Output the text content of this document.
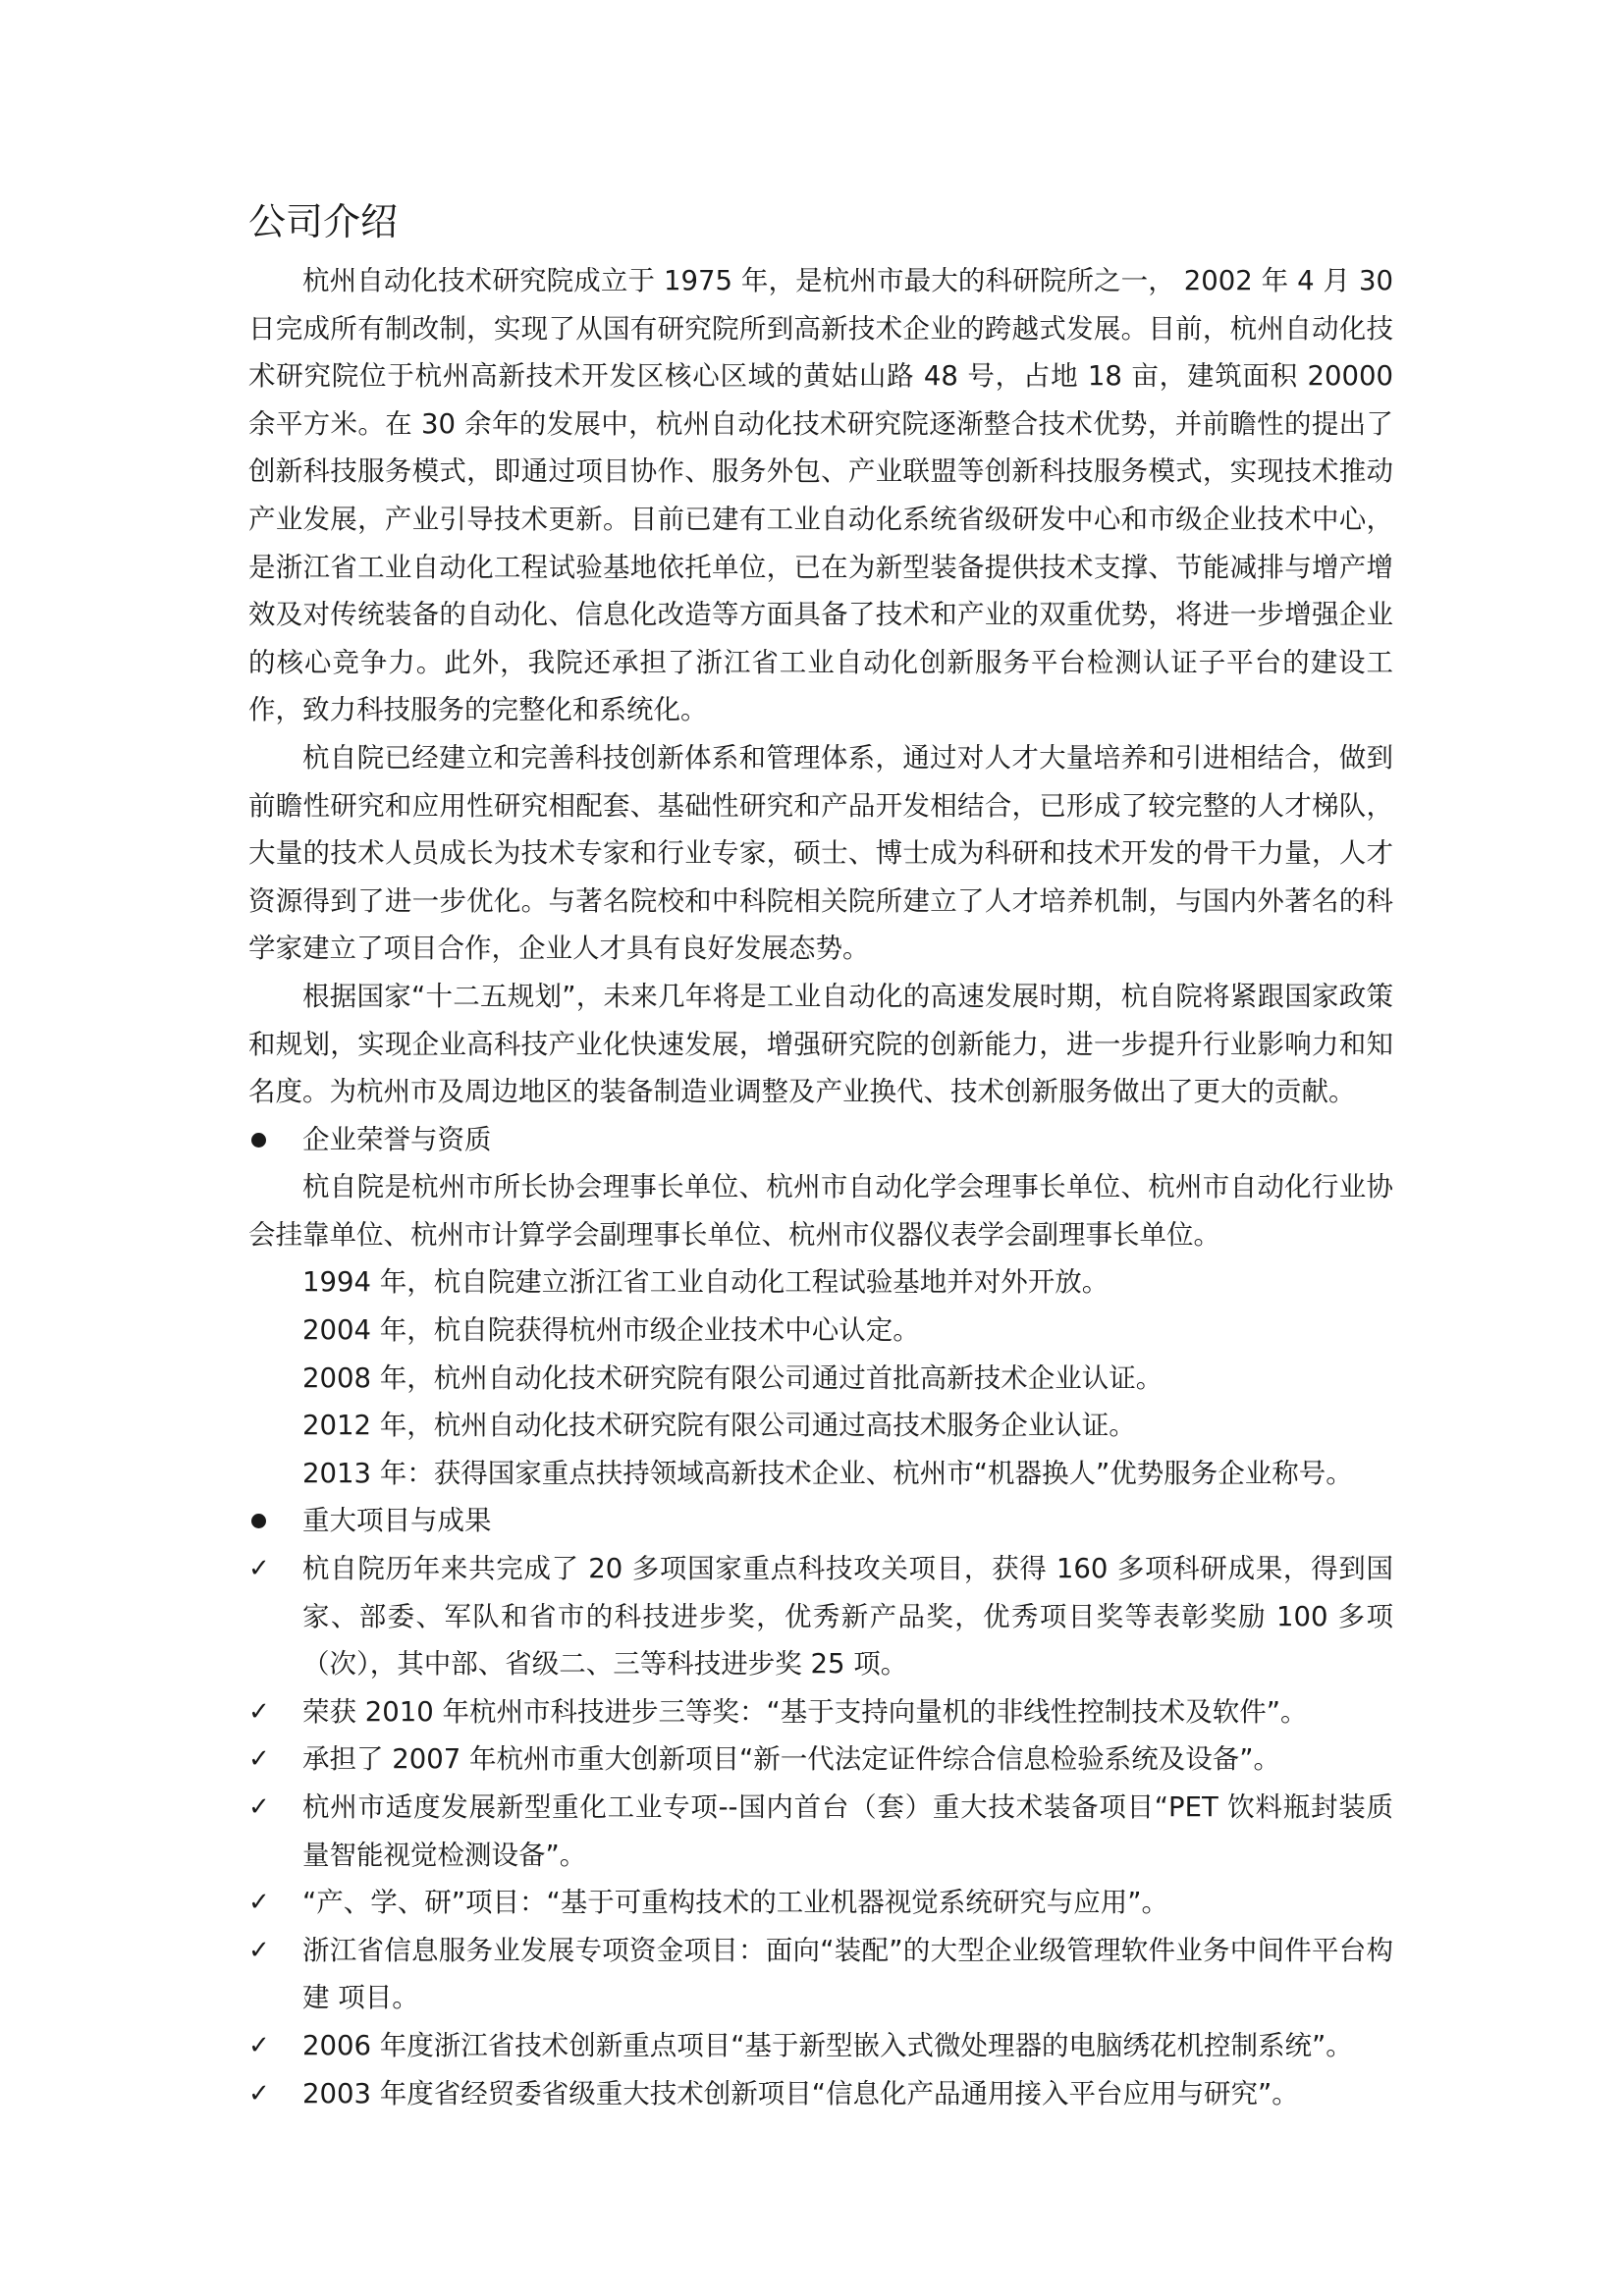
公司介绍

杭州自动化技术研究院成立于 1975 年，是杭州市最大的科研院所之一， 2002 年 4 月 30 日完成所有制改制，实现了从国有研究院所到高新技术企业的跨越式发展。目前，杭州自动化技术研究院位于杭州高新技术开发区核心区域的黄姑山路 48 号，占地 18 亩，建筑面积 20000 余平方米。在 30 余年的发展中，杭州自动化技术研究院逐渐整合技术优势，并前瞻性的提出了创新科技服务模式，即通过项目协作、服务外包、产业联盟等创新科技服务模式，实现技术推动产业发展，产业引导技术更新。目前已建有工业自动化系统省级研发中心和市级企业技术中心，是浙江省工业自动化工程试验基地依托单位，已在为新型装备提供技术支撑、节能减排与增产增效及对传统装备的自动化、信息化改造等方面具备了技术和产业的双重优势，将进一步增强企业的核心竞争力。此外，我院还承担了浙江省工业自动化创新服务平台检测认证子平台的建设工作，致力科技服务的完整化和系统化。

杭自院已经建立和完善科技创新体系和管理体系，通过对人才大量培养和引进相结合，做到前瞻性研究和应用性研究相配套、基础性研究和产品开发相结合，已形成了较完整的人才梯队，大量的技术人员成长为技术专家和行业专家，硕士、博士成为科研和技术开发的骨干力量，人才资源得到了进一步优化。与著名院校和中科院相关院所建立了人才培养机制，与国内外著名的科学家建立了项目合作，企业人才具有良好发展态势。

根据国家“十二五规划”，未来几年将是工业自动化的高速发展时期，杭自院将紧跟国家政策和规划，实现企业高科技产业化快速发展，增强研究院的创新能力，进一步提升行业影响力和知名度。为杭州市及周边地区的装备制造业调整及产业换代、技术创新服务做出了更大的贡献。

企业荣誉与资质

杭自院是杭州市所长协会理事长单位、杭州市自动化学会理事长单位、杭州市自动化行业协会挂靠单位、杭州市计算学会副理事长单位、杭州市仪器仪表学会副理事长单位。

1994 年，杭自院建立浙江省工业自动化工程试验基地并对外开放。

2004 年，杭自院获得杭州市级企业技术中心认定。

2008 年，杭州自动化技术研究院有限公司通过首批高新技术企业认证。

2012 年，杭州自动化技术研究院有限公司通过高技术服务企业认证。

2013 年：获得国家重点扶持领域高新技术企业、杭州市“机器换人”优势服务企业称号。

重大项目与成果
✓ 杭自院历年来共完成了 20 多项国家重点科技攻关项目，获得 160 多项科研成果，得到国家、部委、军队和省市的科技进步奖，优秀新产品奖，优秀项目奖等表彰奖励 100 多项（次），其中部、省级二、三等科技进步奖 25 项。
✓ 荣获 2010 年杭州市科技进步三等奖：“基于支持向量机的非线性控制技术及软件”。
✓ 承担了 2007 年杭州市重大创新项目“新一代法定证件综合信息检验系统及设备”。
✓ 杭州市适度发展新型重化工业专项--国内首台（套）重大技术装备项目“PET 饮料瓶封装质量智能视觉检测设备”。
✓ “产、学、研”项目：“基于可重构技术的工业机器视觉系统研究与应用”。
✓ 浙江省信息服务业发展专项资金项目：面向“装配”的大型企业级管理软件业务中间件平台构建 项目。
✓ 2006 年度浙江省技术创新重点项目“基于新型嵌入式微处理器的电脑绣花机控制系统”。
✓ 2003 年度省经贸委省级重大技术创新项目“信息化产品通用接入平台应用与研究”。
